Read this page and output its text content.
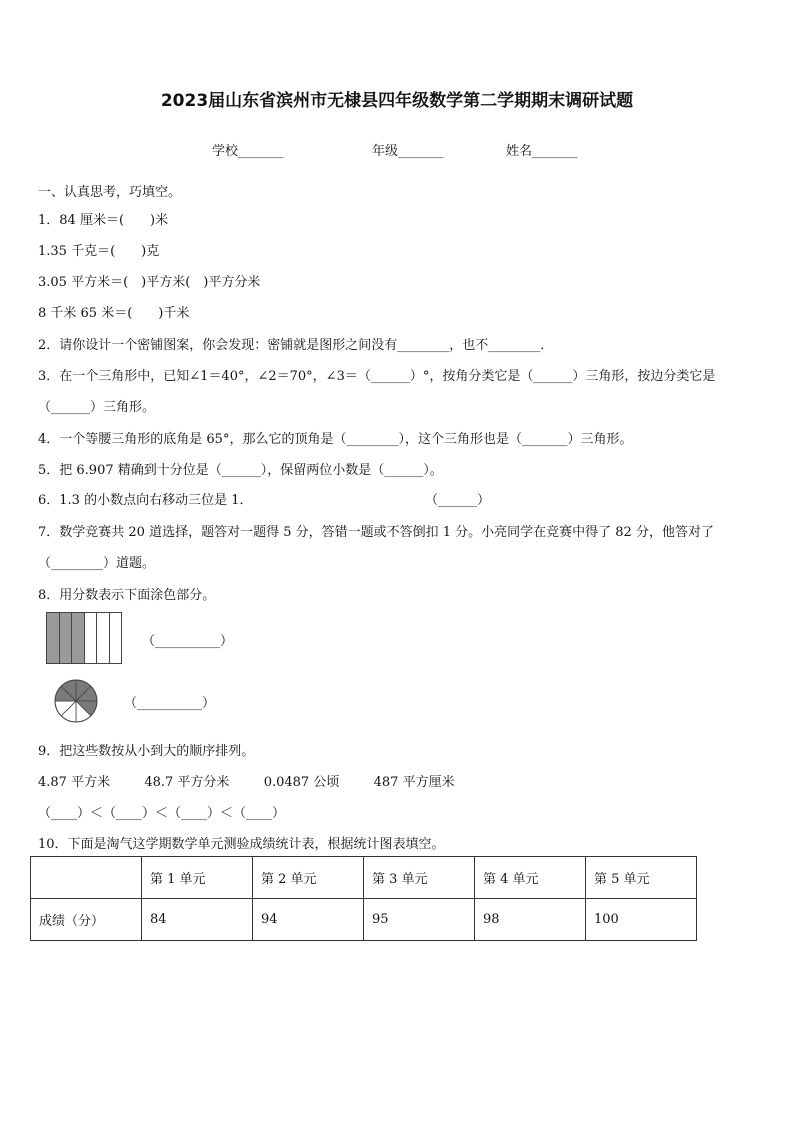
2023届山东省滨州市无棣县四年级数学第二学期期末调研试题
学校_______	年级_______	姓名_______
一、认真思考，巧填空。
1．84 厘米＝(　　)米
1.35 千克＝(　　)克
3.05 平方米＝(　)平方米(　)平方分米
8 千米 65 米＝(　　)千米
2．请你设计一个密铺图案，你会发现：密铺就是图形之间没有________，也不________．
3．在一个三角形中，已知∠1＝40°，∠2＝70°，∠3＝（______）°，按角分类它是（______）三角形，按边分类它是
（______）三角形。
4．一个等腰三角形的底角是 65°，那么它的顶角是（________），这个三角形也是（_______）三角形。
5．把 6.907 精确到十分位是（______），保留两位小数是（______）。
6．1.3 的小数点向右移动三位是 1．	（______）
7．数学竞赛共 20 道选择，题答对一题得 5 分，答错一题或不答倒扣 1 分。小亮同学在竞赛中得了 82 分，他答对了
（________）道题。
8．用分数表示下面涂色部分。
（__________）
（__________）
9．把这些数按从小到大的顺序排列。
4.87 平方米	48.7 平方分米	0.0487 公顷	487 平方厘米
（____）＜（____）＜（____）＜（____）
10．下面是淘气这学期数学单元测验成绩统计表，根据统计图表填空。
	第 1 单元	第 2 单元	第 3 单元	第 4 单元	第 5 单元
成绩（分）	84	94	95	98	100
